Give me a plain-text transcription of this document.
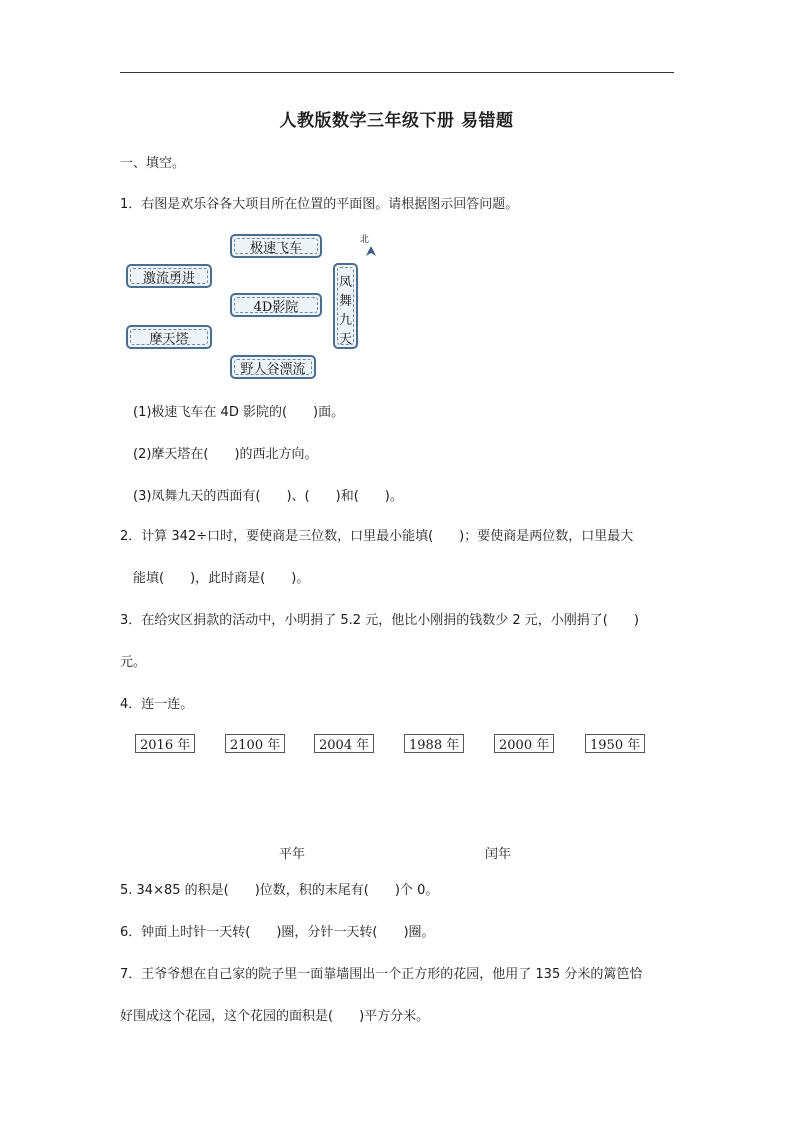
人教版数学三年级下册 易错题
一、填空。
1．右图是欢乐谷各大项目所在位置的平面图。请根据图示回答问题。
极速飞车
激流勇进
4D影院
摩天塔
野人谷漂流
凤
舞
九
天
北
(1)极速飞车在 4D 影院的(　　)面。
(2)摩天塔在(　　)的西北方向。
(3)凤舞九天的西面有(　　)、(　　)和(　　)。
2．计算 342÷口时，要使商是三位数，口里最小能填(　　)；要使商是两位数，口里最大
能填(　　)，此时商是(　　)。
3．在给灾区捐款的活动中，小明捐了 5.2 元，他比小刚捐的钱数少 2 元，小刚捐了(　　)
元。
4．连一连。
2016 年	2100 年	2004 年	1988 年	2000 年	1950 年
平年	闰年
5. 34×85 的积是(　　)位数，积的末尾有(　　)个 0。
6．钟面上时针一天转(　　)圈，分针一天转(　　)圈。
7．王爷爷想在自己家的院子里一面靠墙围出一个正方形的花园，他用了 135 分米的篱笆恰
好围成这个花园，这个花园的面积是(　　)平方分米。
